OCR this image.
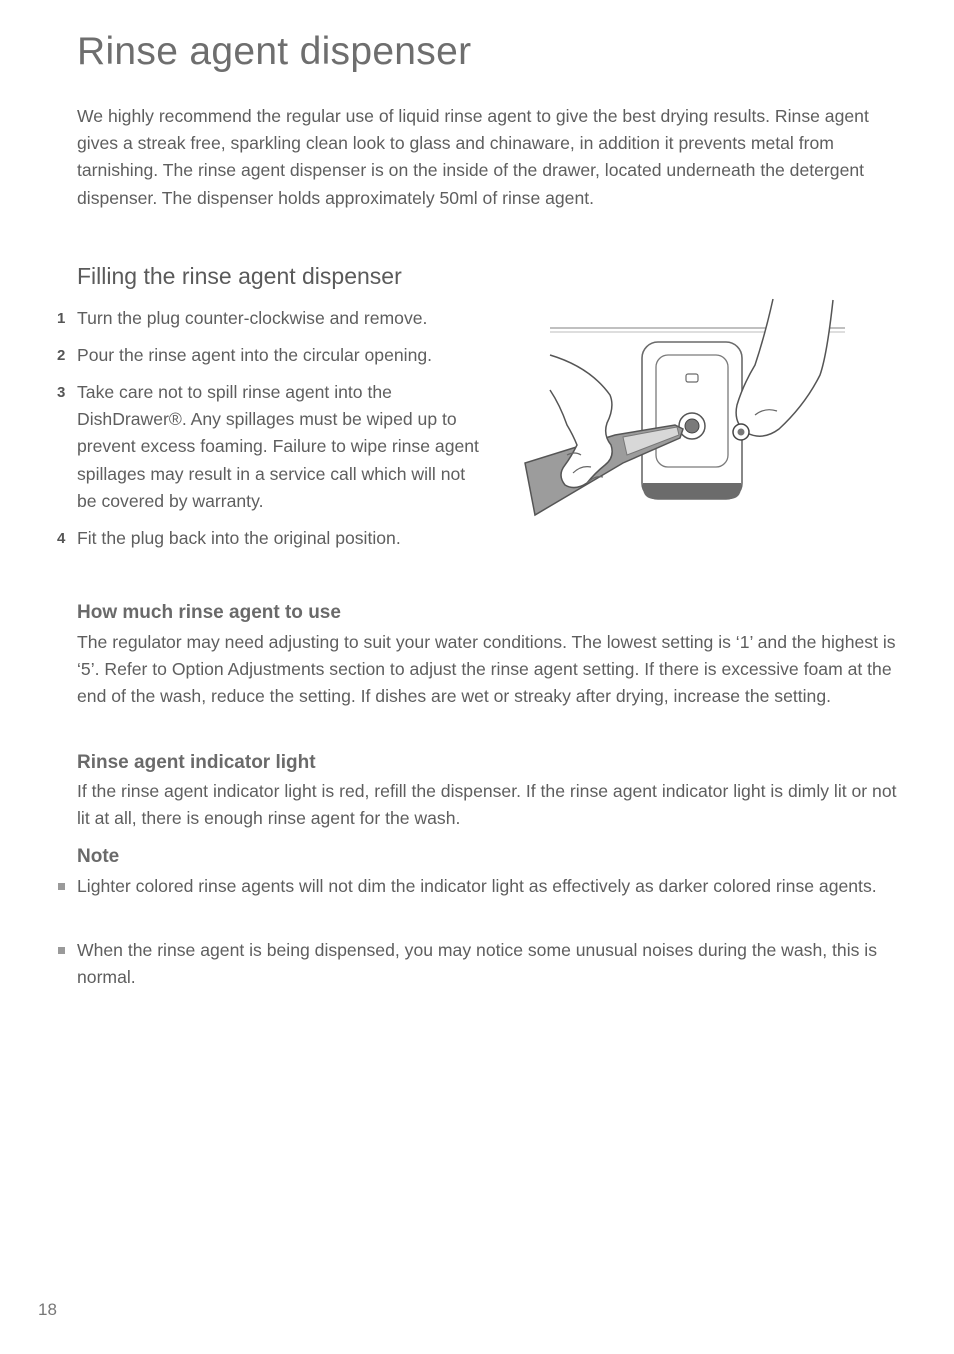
Rinse agent dispenser

We highly recommend the regular use of liquid rinse agent to give the best drying results. Rinse agent gives a streak free, sparkling clean look to glass and chinaware, in addition it prevents metal from tarnishing. The rinse agent dispenser is on the inside of the drawer, located underneath the detergent dispenser. The dispenser holds approximately 50ml of rinse agent.

Filling the rinse agent dispenser
1 Turn the plug counter-clockwise and remove.
2 Pour the rinse agent into the circular opening.
3 Take care not to spill rinse agent into the DishDrawer®. Any spillages must be wiped up to prevent excess foaming. Failure to wipe rinse agent spillages may result in a service call which will not be covered by warranty.
4 Fit the plug back into the original position.
How much rinse agent to use

The regulator may need adjusting to suit your water conditions. The lowest setting is ‘1’ and the highest is ‘5’. Refer to Option Adjustments section to adjust the rinse agent setting. If there is excessive foam at the end of the wash, reduce the setting. If dishes are wet or streaky after drying, increase the setting.

Rinse agent indicator light

If the rinse agent indicator light is red, refill the dispenser. If the rinse agent indicator light is dimly lit or not lit at all, there is enough rinse agent for the wash.

Note
Lighter colored rinse agents will not dim the indicator light as effectively as darker colored rinse agents.
When the rinse agent is being dispensed, you may notice some unusual noises during the wash, this is normal.
18
